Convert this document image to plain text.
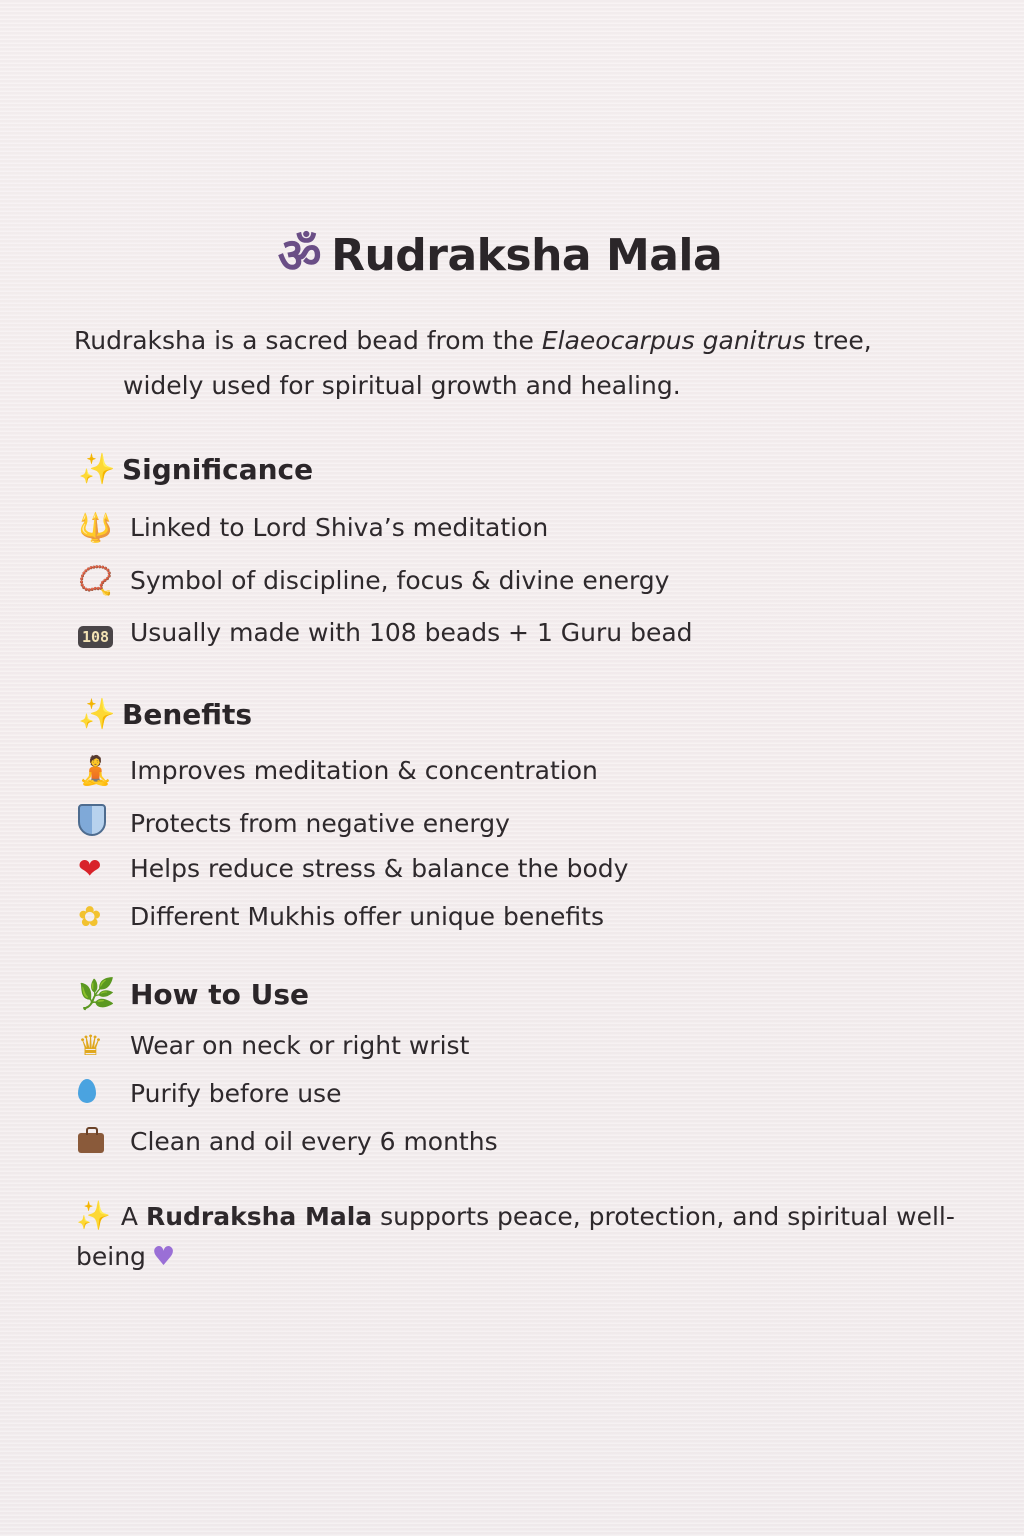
ॐ Rudraksha Mala
Rudraksha is a sacred bead from the Elaeocarpus ganitrus tree,
widely used for spiritual growth and healing.
✨ Significance
🔱 Linked to Lord Shiva’s meditation
📿 Symbol of discipline, focus & divine energy
108 Usually made with 108 beads + 1 Guru bead
✨ Benefits
🧘 Improves meditation & concentration
Protects from negative energy
❤	Helps reduce stress & balance the body
✿	Different Mukhis offer unique benefits
🌿 How to Use
♛	Wear on neck or right wrist
Purify before use
Clean and oil every 6 months
✨ A Rudraksha Mala supports peace, protection, and spiritual well-being ♥
